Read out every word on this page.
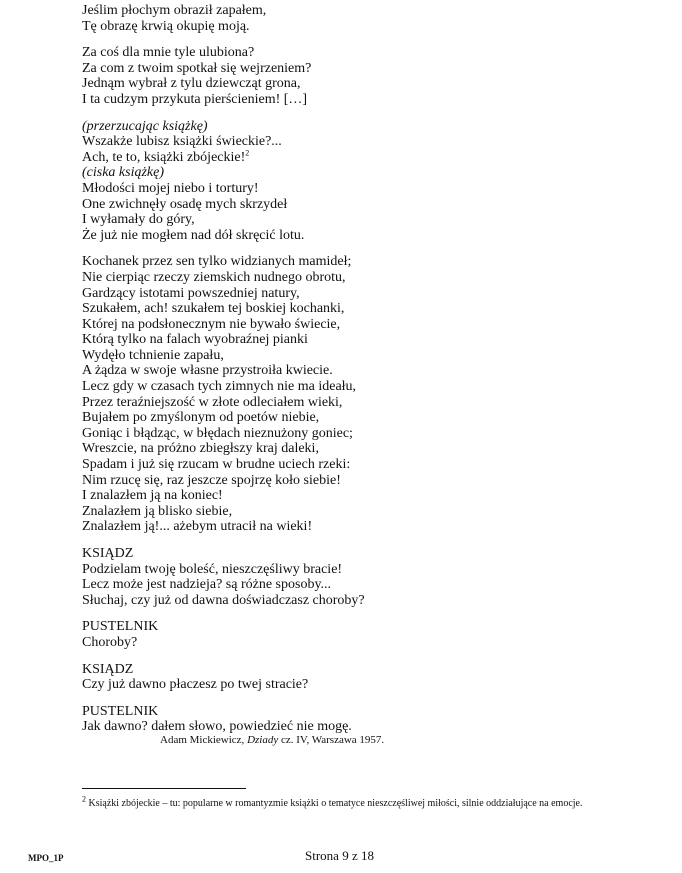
Jeślim płochym obraził zapałem,
Tę obrazę krwią okupię moją.
Za coś dla mnie tyle ulubiona?
Za com z twoim spotkał się wejrzeniem?
Jednąm wybrał z tylu dziewcząt grona,
I ta cudzym przykuta pierścieniem! […]
(przerzucając książkę)
Wszakże lubisz książki świeckie?...
Ach, te to, książki zbójeckie!$^2$
(ciska książkę)
Młodości mojej niebo i tortury!
One zwichnęły osadę mych skrzydeł
I wyłamały do góry,
Że już nie mogłem nad dół skręcić lotu.
Kochanek przez sen tylko widzianych mamideł;
Nie cierpiąc rzeczy ziemskich nudnego obrotu,
Gardzący istotami powszedniej natury,
Szukałem, ach! szukałem tej boskiej kochanki,
Której na podsłonecznym nie bywało świecie,
Którą tylko na falach wyobraźnej pianki
Wydęło tchnienie zapału,
A żądza w swoje własne przystroiła kwiecie.
Lecz gdy w czasach tych zimnych nie ma ideału,
Przez teraźniejszość w złote odleciałem wieki,
Bujałem po zmyślonym od poetów niebie,
Goniąc i błądząc, w błędach nieznużony goniec;
Wreszcie, na próżno zbiegłszy kraj daleki,
Spadam i już się rzucam w brudne uciech rzeki:
Nim rzucę się, raz jeszcze spojrzę koło siebie!
I znalazłem ją na koniec!
Znalazłem ją blisko siebie,
Znalazłem ją!... ażebym utracił na wieki!
KSIĄDZ
Podzielam twoję boleść, nieszczęśliwy bracie!
Lecz może jest nadzieja? są różne sposoby...
Słuchaj, czy już od dawna doświadczasz choroby?
PUSTELNIK
Choroby?
KSIĄDZ
Czy już dawno płaczesz po twej stracie?
PUSTELNIK
Jak dawno? dałem słowo, powiedzieć nie mogę.
Adam Mickiewicz, Dziady cz. IV, Warszawa 1957.
$^2$ Książki zbójeckie – tu: popularne w romantyzmie książki o tematyce nieszczęśliwej miłości, silnie oddziałujące na emocje.
MPO_1P	Strona 9 z 18
